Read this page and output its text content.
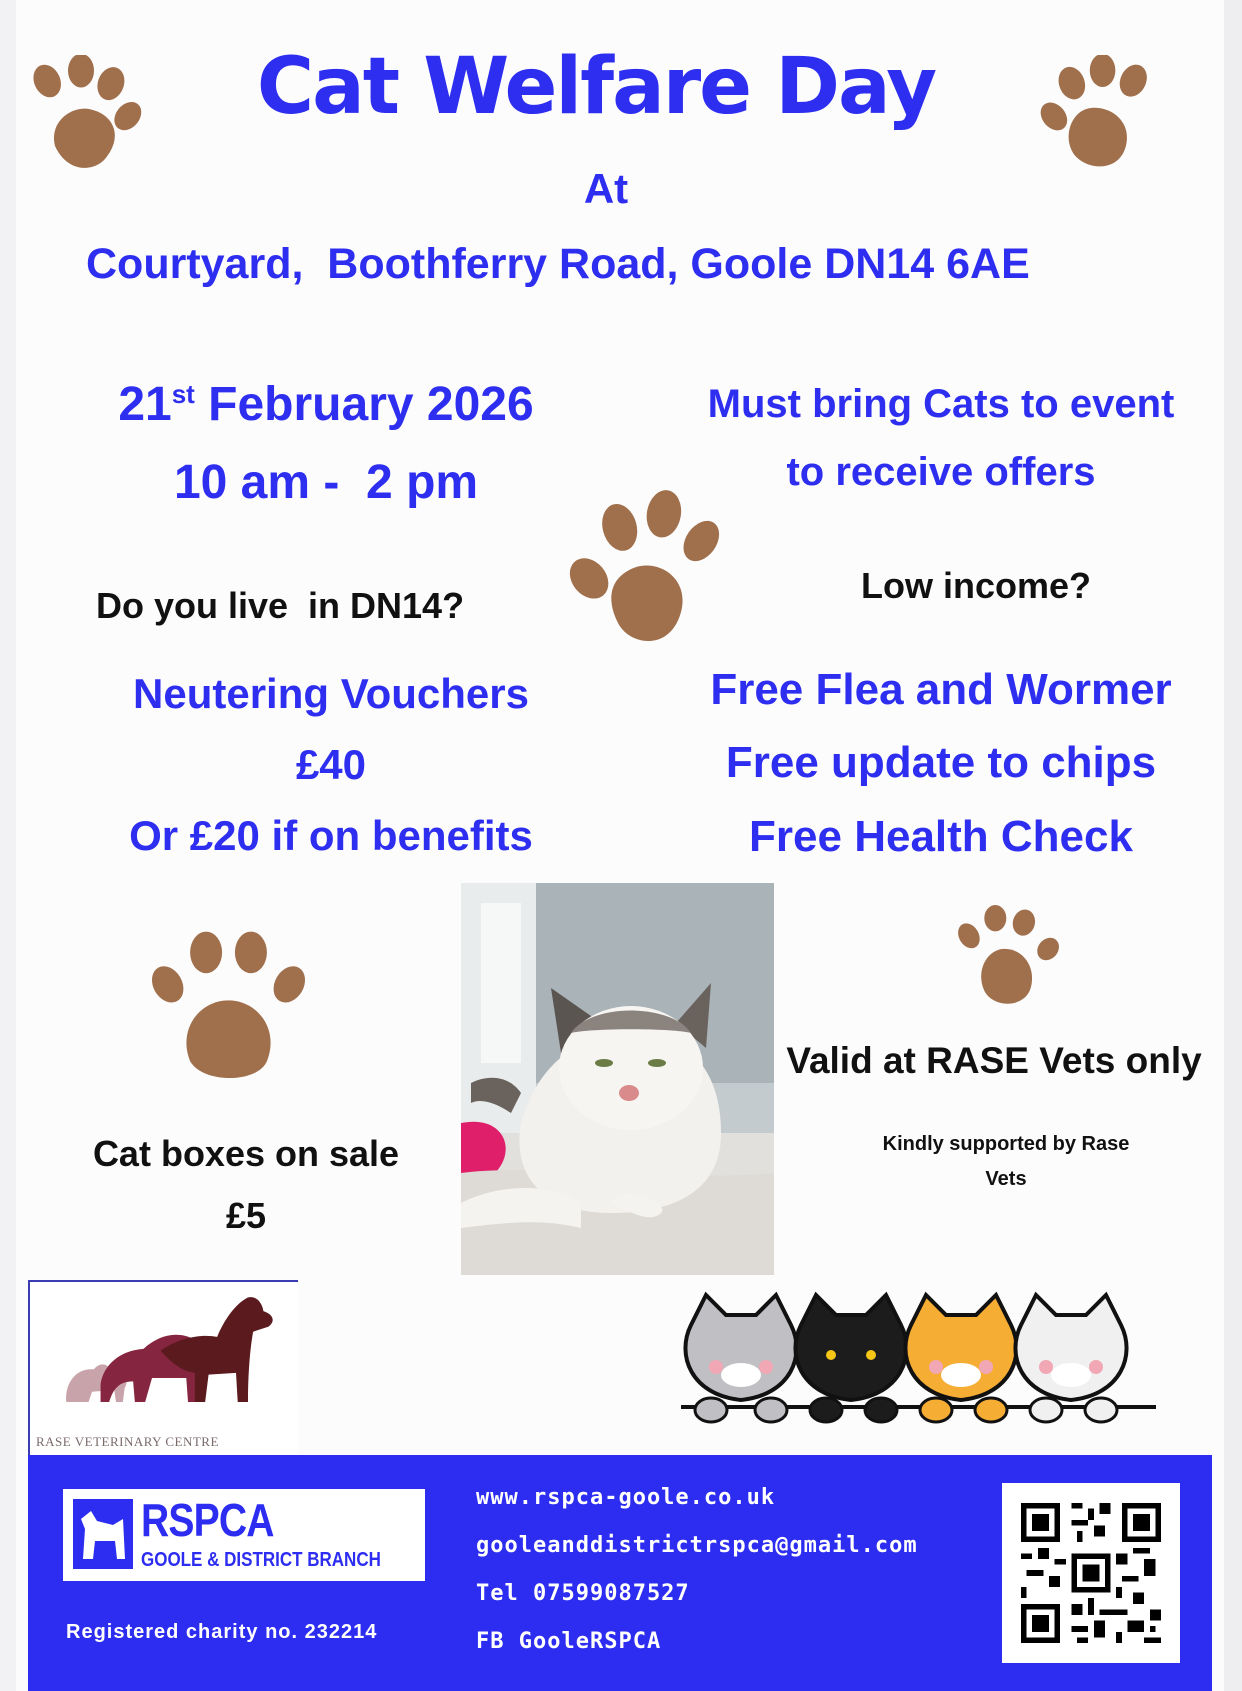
Cat Welfare Day
At
Courtyard,  Boothferry Road, Goole DN14 6AE
21st February 2026
10 am -  2 pm
Must bring Cats to event
to receive offers
Do you live  in DN14?	Low income?
Neutering Vouchers
£40
Or £20 if on benefits
Free Flea and Wormer
Free update to chips
Free Health Check
Cat boxes on sale
£5
Valid at RASE Vets only
Kindly supported by Rase
Vets
RASE VETERINARY CENTRE
RSPCA
GOOLE & DISTRICT BRANCH
Registered charity no. 232214
www.rspca-goole.co.uk
gooleanddistrictrspca@gmail.com
Tel 07599087527
FB GooleRSPCA
